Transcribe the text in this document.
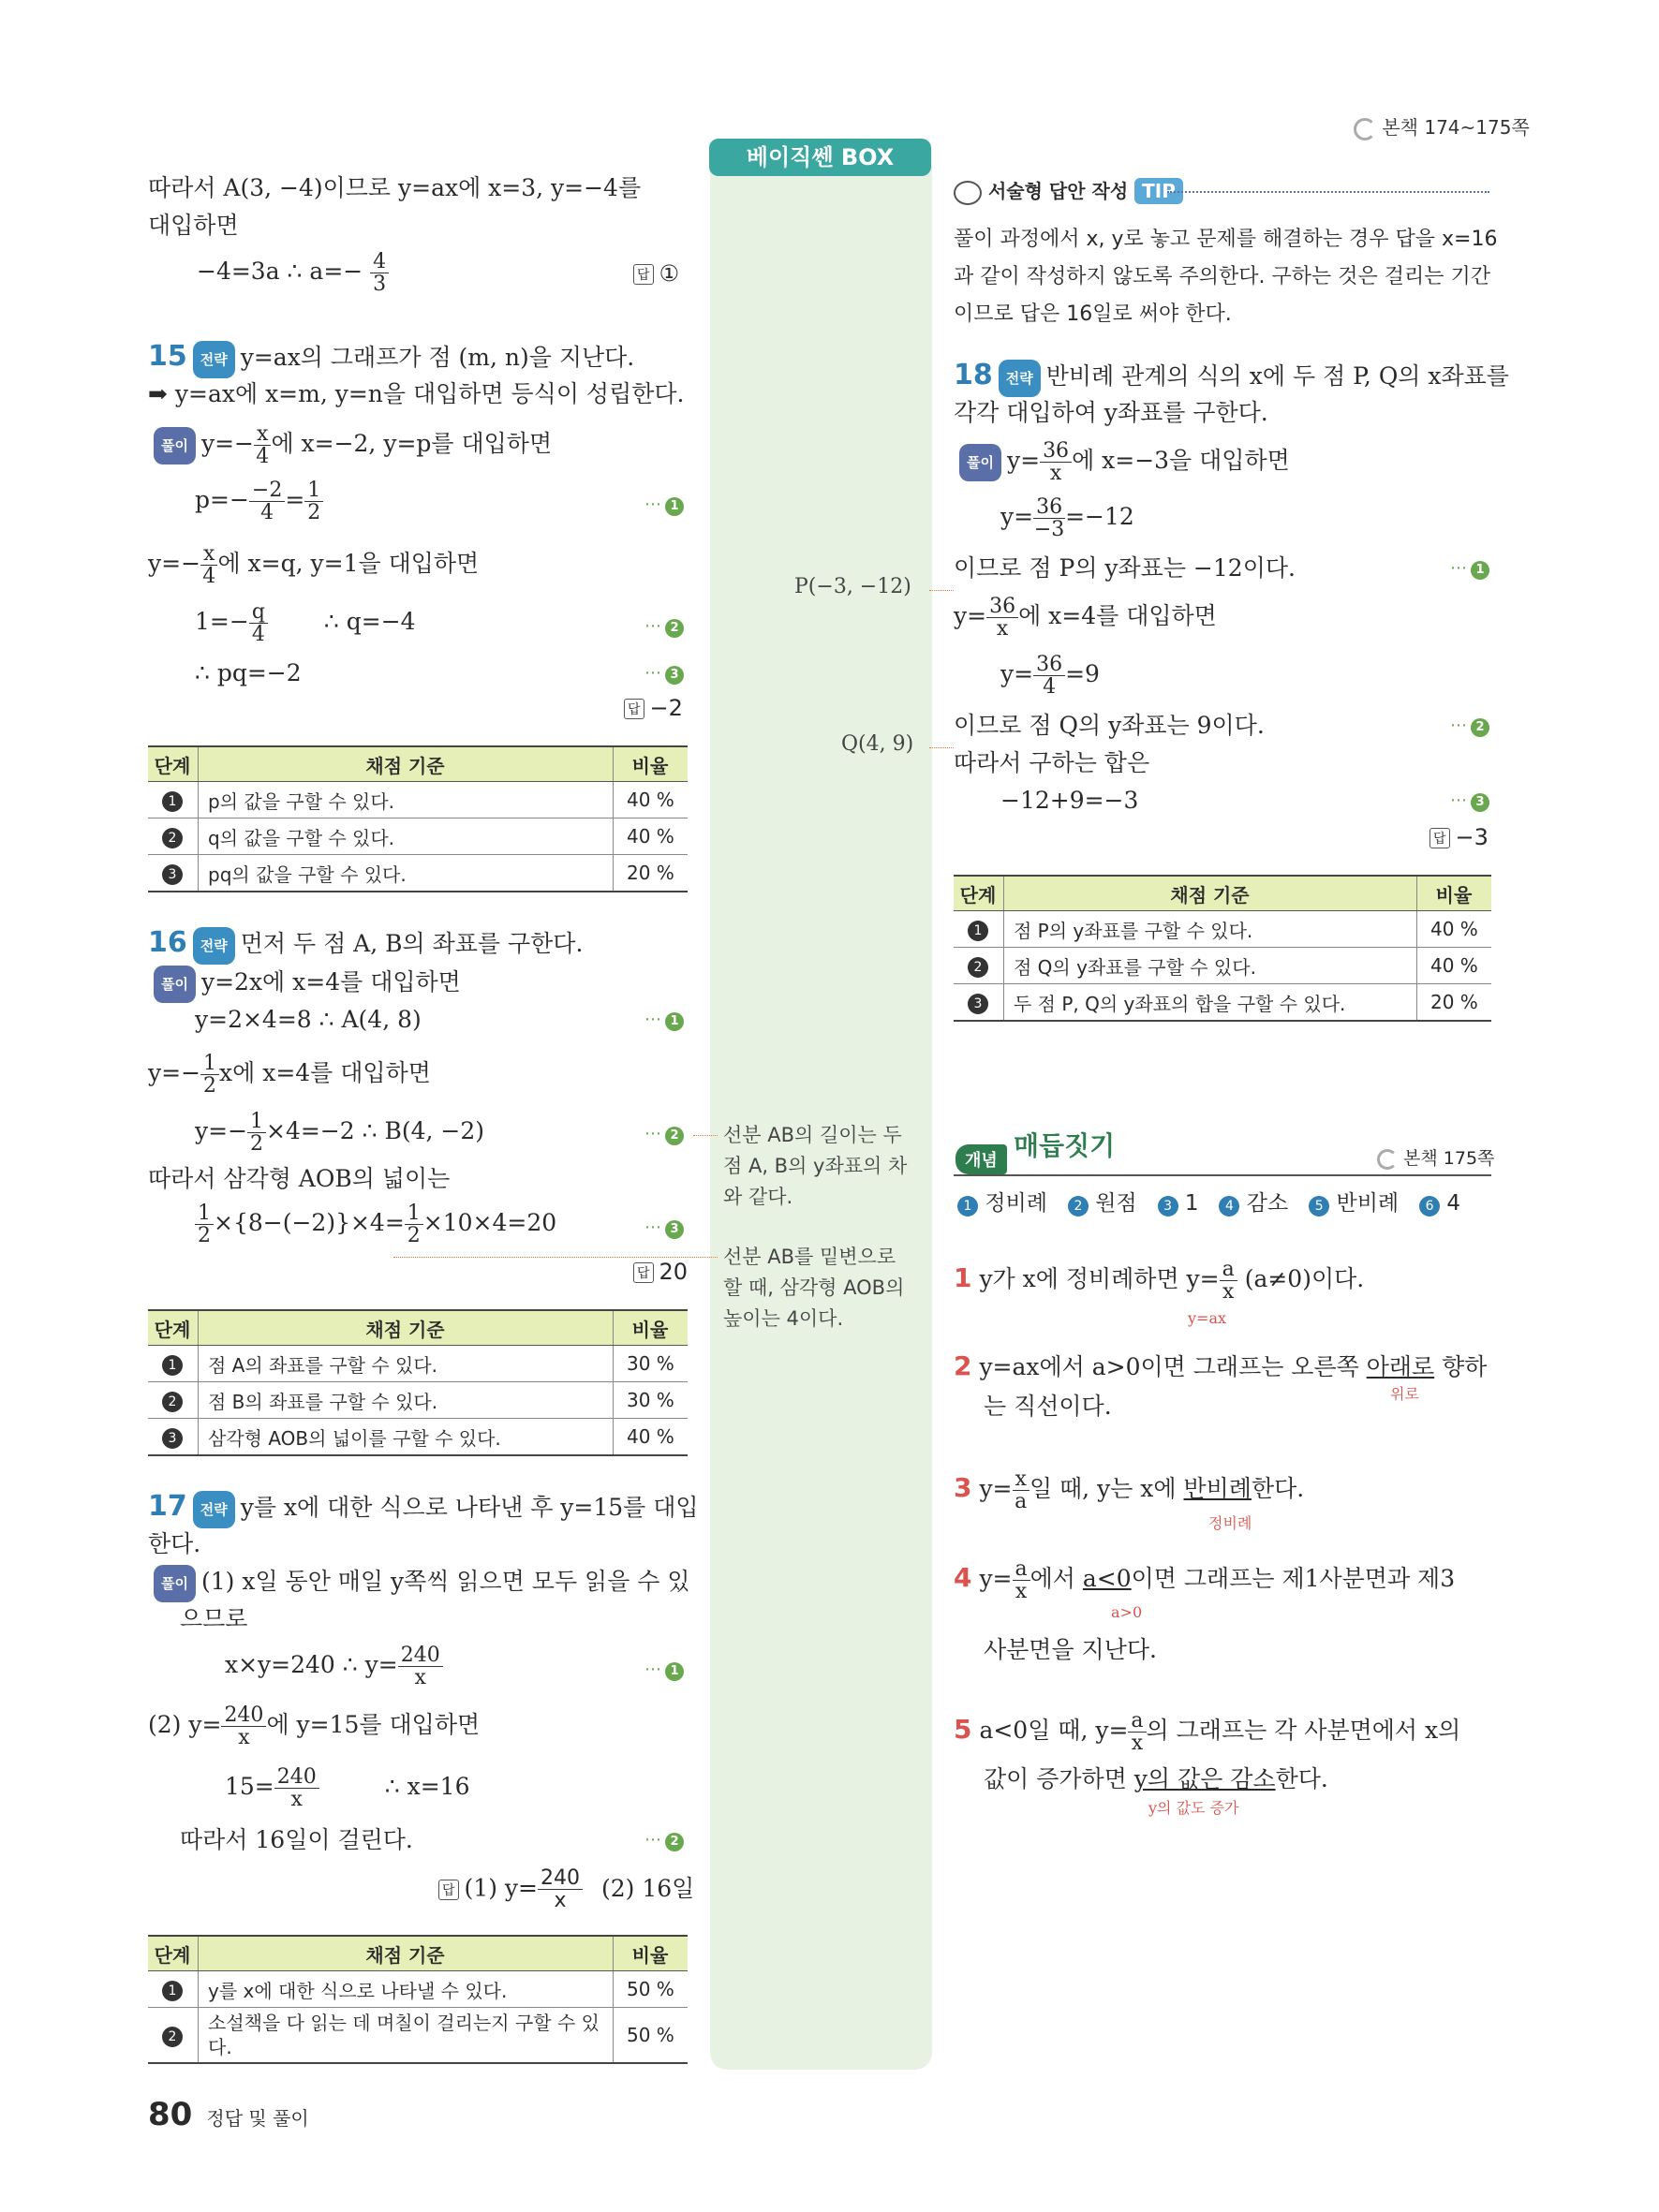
본책 174~175쪽
베이직쎈 BOX
따라서 A(3, −4)이므로 y=ax에 x=3, y=−4를
대입하면
−4=3a ∴ $a=- \frac{4}{3}$	답 ①
15 전략 y=ax의 그래프가 점 (m, n)을 지난다.
➡ y=ax에 x=m, y=n을 대입하면 등식이 성립한다.
풀이 $y=- \frac{x}{4}$ 에 x=−2, y=p를 대입하면
$p=- \frac{-2}{4} = \frac{1}{2}$	⋯ 1
$y=- \frac{x}{4}$ 에 x=q, y=1을 대입하면
$1=- \frac{q}{4}$ ∴ q=−4	⋯ 2
∴ pq=−2	⋯ 3
답 −2
단계	채점 기준	비율
1	p의 값을 구할 수 있다.	40 %
2	q의 값을 구할 수 있다.	40 %
3	pq의 값을 구할 수 있다.	20 %
16 전략 먼저 두 점 A, B의 좌표를 구한다.
풀이 y=2x에 x=4를 대입하면
y=2×4=8 ∴ A(4, 8)	⋯ 1
$y=- \frac{1}{2}$ x에 x=4를 대입하면
$y=- \frac{1}{2} \times 4=-2$ ∴ B(4, −2)	⋯ 2
따라서 삼각형 AOB의 넓이는
$\frac{1}{2} \times\{8-(-2)\}\times 4= \frac{1}{2} \times 10\times 4=20$	⋯ 3
답 20
단계	채점 기준	비율
1	점 A의 좌표를 구할 수 있다.	30 %
2	점 B의 좌표를 구할 수 있다.	30 %
3	삼각형 AOB의 넓이를 구할 수 있다.	40 %
17 전략 y를 x에 대한 식으로 나타낸 후 y=15를 대입
한다.
풀이 (1) x일 동안 매일 y쪽씩 읽으면 모두 읽을 수 있
으므로
x×y=240 ∴ $y= \frac{240}{x}$	⋯ 1
(2) $y= \frac{240}{x}$ 에 y=15를 대입하면
$15= \frac{240}{x}$	∴ x=16
따라서 16일이 걸린다.	⋯ 2
답 (1) $y= \frac{240}{x} (2)$ 16일
단계	채점 기준	비율
1	y를 x에 대한 식으로 나타낼 수 있다.	50 %
2	소설책을 다 읽는 데 며칠이 걸리는지 구할 수 있다.	50 %
P(−3, −12)
Q(4, 9)
선분 AB의 길이는 두
점 A, B의 y좌표의 차
와 같다.
선분 AB를 밑변으로
할 때, 삼각형 AOB의
높이는 4이다.
서술형 답안 작성 TIP
풀이 과정에서 x, y로 놓고 문제를 해결하는 경우 답을 x=16
과 같이 작성하지 않도록 주의한다. 구하는 것은 걸리는 기간
이므로 답은 16일로 써야 한다.
18 전략 반비례 관계의 식의 x에 두 점 P, Q의 x좌표를
각각 대입하여 y좌표를 구한다.
풀이 $y= \frac{36}{x}$ 에 x=−3을 대입하면
$y= \frac{36}{-3} =-12$
이므로 점 P의 y좌표는 −12이다.	⋯ 1
$y= \frac{36}{x}$ 에 x=4를 대입하면
$y= \frac{36}{4} =9$
이므로 점 Q의 y좌표는 9이다.	⋯ 2
따라서 구하는 합은
−12+9=−3	⋯ 3
답 −3
단계	채점 기준	비율
1	점 P의 y좌표를 구할 수 있다.	40 %
2	점 Q의 y좌표를 구할 수 있다.	40 %
3	두 점 P, Q의 y좌표의 합을 구할 수 있다.	20 %
개념 매듭짓기	본책 175쪽
1 정비례 2 원점 3 1 4 감소 5 반비례 6 4
1 y가 x에 정비례하면 $y= \frac{a}{x} (a\ne 0)$이다.
y=ax
2 y=ax에서 a>0이면 그래프는 오른쪽 아래로 향하
는 직선이다.	위로
3 $y= \frac{x}{a}$ 일 때, y는 x에 반비례한다.
정비례
4 $y= \frac{a}{x}$ 에서 a<0이면 그래프는 제1사분면과 제3
a>0
사분면을 지난다.
5 a<0일 때, $y= \frac{a}{x}$ 의 그래프는 각 사분면에서 x의
값이 증가하면 y의 값은 감소한다.
y의 값도 증가
80 정답 및 풀이
